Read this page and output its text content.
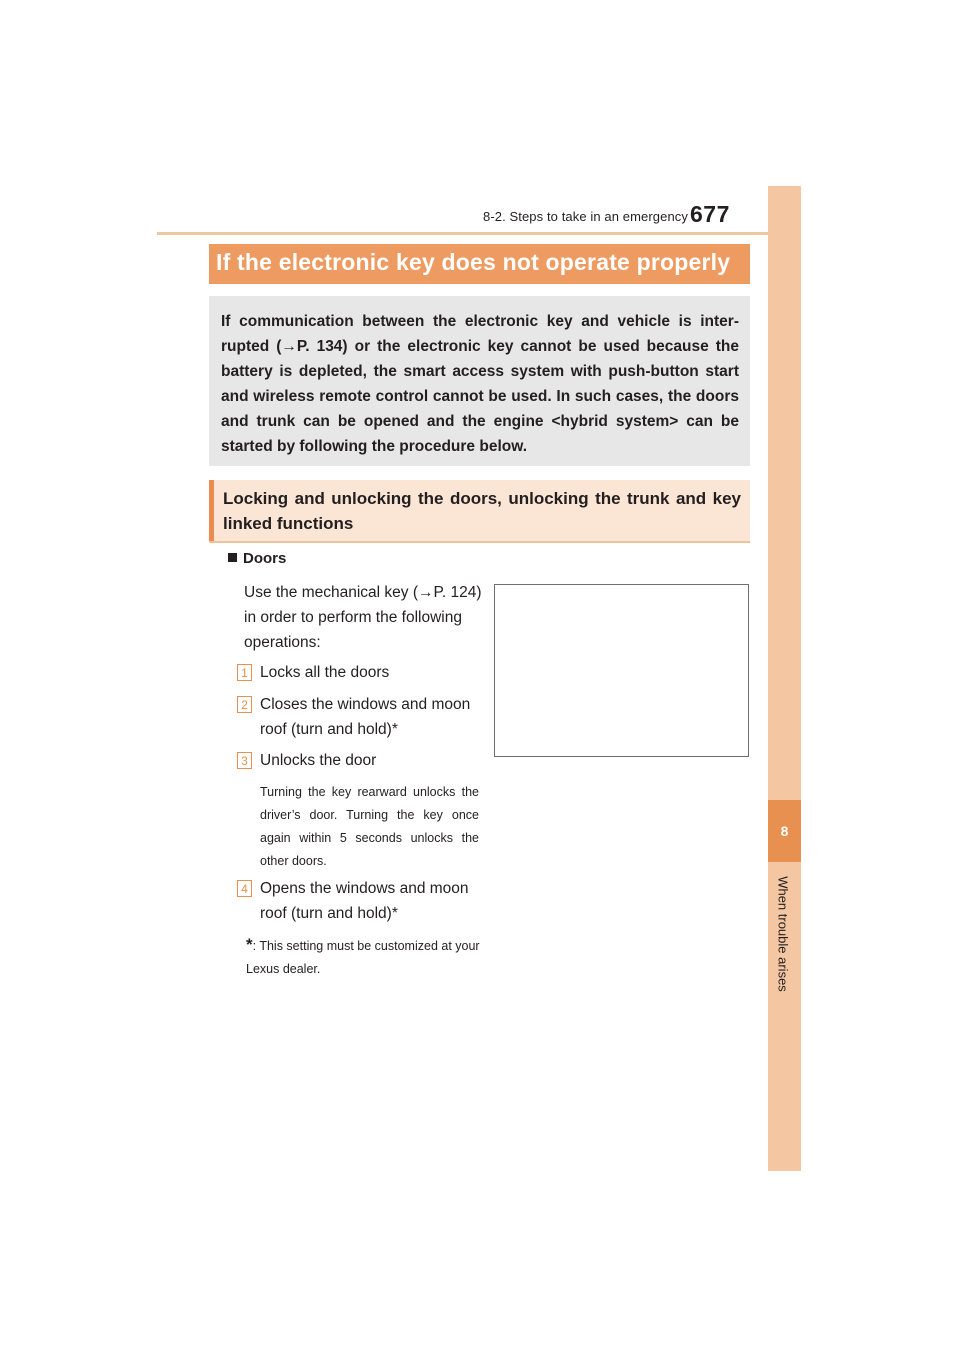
8-2. Steps to take in an emergency 677
8
When trouble arises
If the electronic key does not operate properly

If communication between the electronic key and vehicle is inter-rupted (→P. 134) or the electronic key cannot be used because the battery is depleted, the smart access system with push-button start and wireless remote control cannot be used. In such cases, the doors and trunk can be opened and the engine <hybrid system> can be started by following the procedure below.

Locking and unlocking the doors, unlocking the trunk and key linked functions

Doors

Use the mechanical key (→P. 124) in order to perform the following operations:

1
2
3
4

Locks all the doors

Closes the windows and moon roof (turn and hold)*

Unlocks the door

Turning the key rearward unlocks the driver’s door. Turning the key once again within 5 seconds unlocks the other doors.

Opens the windows and moon roof (turn and hold)*

*: This setting must be customized at your Lexus dealer.
